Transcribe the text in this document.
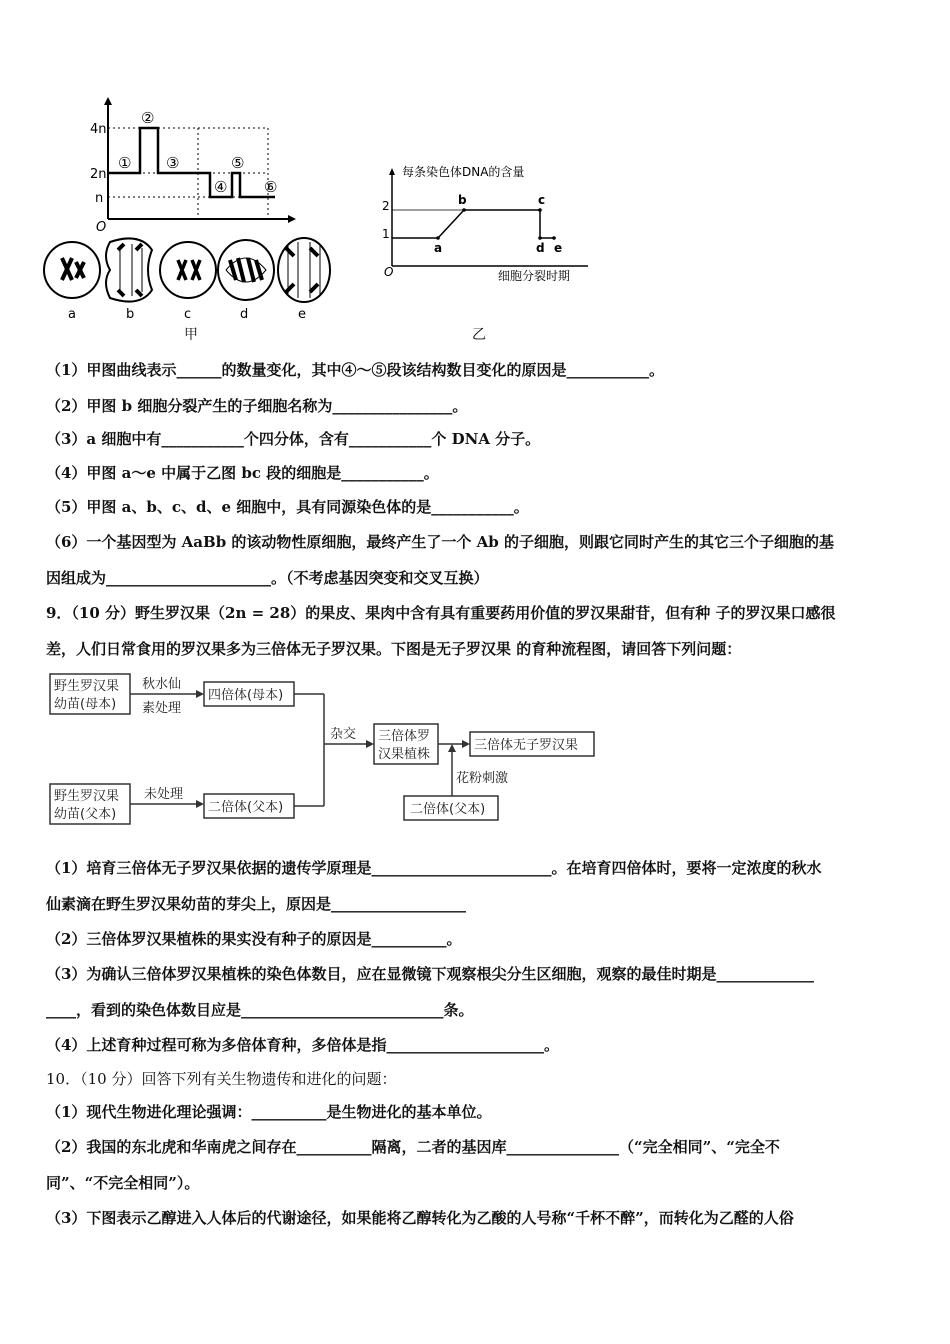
4n
2n
n
O
①
②
③
④
⑤
⑥
a	b	c	d	e
甲
每条染色体DNA的含量
细胞分裂时期
O
1
2
a
b	c
d e
乙
（1）甲图曲线表示______的数量变化，其中④～⑤段该结构数目变化的原因是___________。
（2）甲图 b 细胞分裂产生的子细胞名称为________________。
（3）a 细胞中有___________个四分体，含有___________个 DNA 分子。
（4）甲图 a～e 中属于乙图 bc 段的细胞是___________。
（5）甲图 a、b、c、d、e 细胞中，具有同源染色体的是___________。
（6）一个基因型为 AaBb 的该动物性原细胞，最终产生了一个 Ab 的子细胞，则跟它同时产生的其它三个子细胞的基
因组成为______________________。（不考虑基因突变和交叉互换）
9．（10 分）野生罗汉果（2n = 28）的果皮、果肉中含有具有重要药用价值的罗汉果甜苷，但有种 子的罗汉果口感很
差，人们日常食用的罗汉果多为三倍体无子罗汉果。下图是无子罗汉果 的育种流程图，请回答下列问题：
野生罗汉果
幼苗(母本)
秋水仙
素处理
四倍体(母本)
杂交 三倍体罗
汉果植株
三倍体无子罗汉果
野生罗汉果
幼苗(父本)
未处理
二倍体(父本)
花粉刺激
二倍体(父本)
（1）培育三倍体无子罗汉果依据的遗传学原理是________________________。在培育四倍体时，要将一定浓度的秋水
仙素滴在野生罗汉果幼苗的芽尖上，原因是__________________
（2）三倍体罗汉果植株的果实没有种子的原因是__________。
（3）为确认三倍体罗汉果植株的染色体数目，应在显微镜下观察根尖分生区细胞，观察的最佳时期是_____________
____，看到的染色体数目应是___________________________条。
（4）上述育种过程可称为多倍体育种，多倍体是指_____________________。
10．（10 分）回答下列有关生物遗传和进化的问题：
（1）现代生物进化理论强调：__________是生物进化的基本单位。
（2）我国的东北虎和华南虎之间存在__________隔离，二者的基因库_______________（“完全相同”、“完全不
同”、“不完全相同”）。
（3）下图表示乙醇进入人体后的代谢途径，如果能将乙醇转化为乙酸的人号称“千杯不醉”，而转化为乙醛的人俗
